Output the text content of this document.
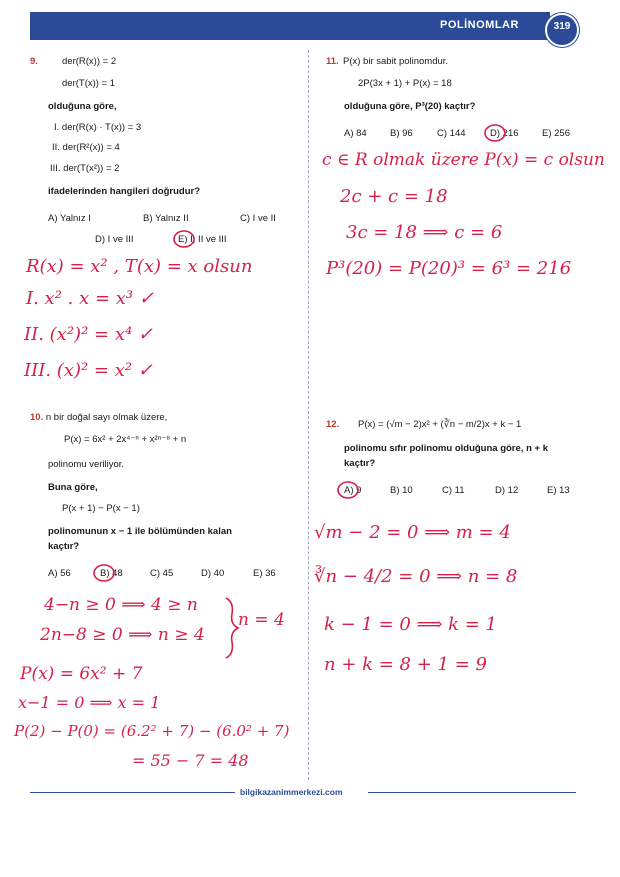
POLİNOMLAR	319
9.	der(R(x)) = 2
der(T(x)) = 1
olduğuna göre,
I. der(R(x) · T(x)) = 3
II. der(R²(x)) = 4
III. der(T(x²)) = 2
ifadelerinden hangileri doğrudur?
A) Yalnız I	B) Yalnız II	C) I ve II
D) I ve III	E) I, II ve III
R(x) = x² , T(x) = x olsun
I. x² . x = x³ ✓
II. (x²)² = x⁴ ✓
III. (x)² = x² ✓
10. n bir doğal sayı olmak üzere,
P(x) = 6x² + 2x⁴⁻ⁿ + x²ⁿ⁻⁸ + n
polinomu veriliyor.
Buna göre,
P(x + 1) − P(x − 1)
polinomunun x − 1 ile bölümünden kalan
kaçtır?
A) 56	B) 48	C) 45	D) 40	E) 36
4−n ≥ 0 ⟹ 4 ≥ n
2n−8 ≥ 0 ⟹ n ≥ 4
n = 4
P(x) = 6x² + 7
x−1 = 0 ⟹ x = 1
P(2) − P(0) = (6.2² + 7) − (6.0² + 7)
= 55 − 7 = 48
11. P(x) bir sabit polinomdur.
2P(3x + 1) + P(x) = 18
olduğuna göre, P³(20) kaçtır?
A) 84 B) 96	C) 144	D) 216 E) 256
c ∈ R olmak üzere P(x) = c olsun
2c + c = 18
3c = 18 ⟹ c = 6
P³(20) = P(20)³ = 6³ = 216
12. P(x) = (√m − 2)x² + (∛n − m/2)x + k − 1
polinomu sıfır polinomu olduğuna göre, n + k
kaçtır?
A) 9	B) 10	C) 11	D) 12	E) 13
√m − 2 = 0 ⟹ m = 4
∛n − 4/2 = 0 ⟹ n = 8
k − 1 = 0 ⟹ k = 1
n + k = 8 + 1 = 9
bilgikazanimmerkezi.com
